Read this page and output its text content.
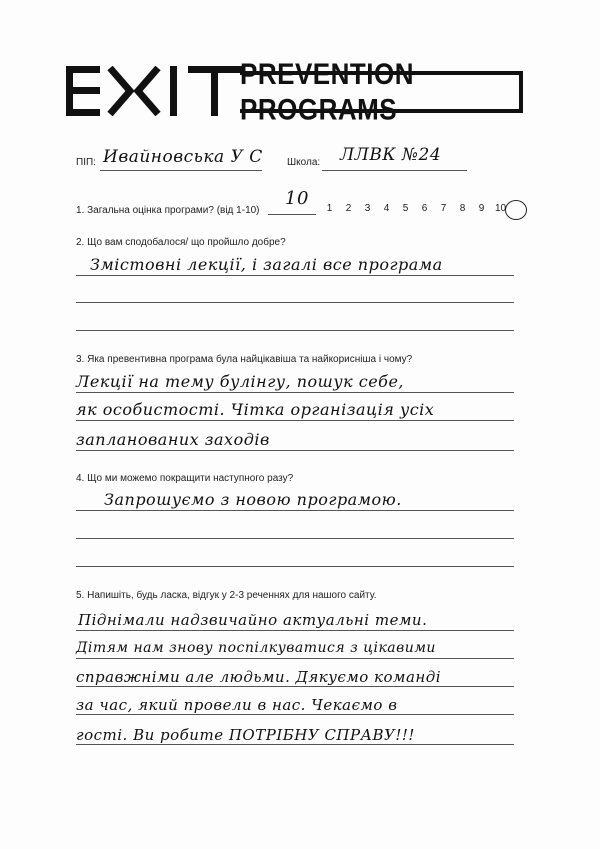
PREVENTION PROGRAMS
ПІП: Ивайновська У С Школа: ЛЛВК №24
1. Загальна оцінка програми? (від 1-10)
10	1	2	3	4	5	6	7	8	9	10
2. Що вам сподобалося/ що пройшло добре?
Змістовні лекції, і загалі все програма
3. Яка превентивна програма була найцікавіша та найкорисніша і чому?
Лекції на тему булінгу, пошук себе,
як особистості. Чітка організація усіх
запланованих заходів
4. Що ми можемо покращити наступного разу?
Запрошуємо з новою програмою.
5. Напишіть, будь ласка, відгук у 2-3 реченнях для нашого сайту.
Піднімали надзвичайно актуальні теми.
Дітям нам знову поспілкуватися з цікавими
справжніми але людьми. Дякуємо команді
за час, який провели в нас. Чекаємо в
гості. Ви робите ПОТРІБНУ СПРАВУ!!!
